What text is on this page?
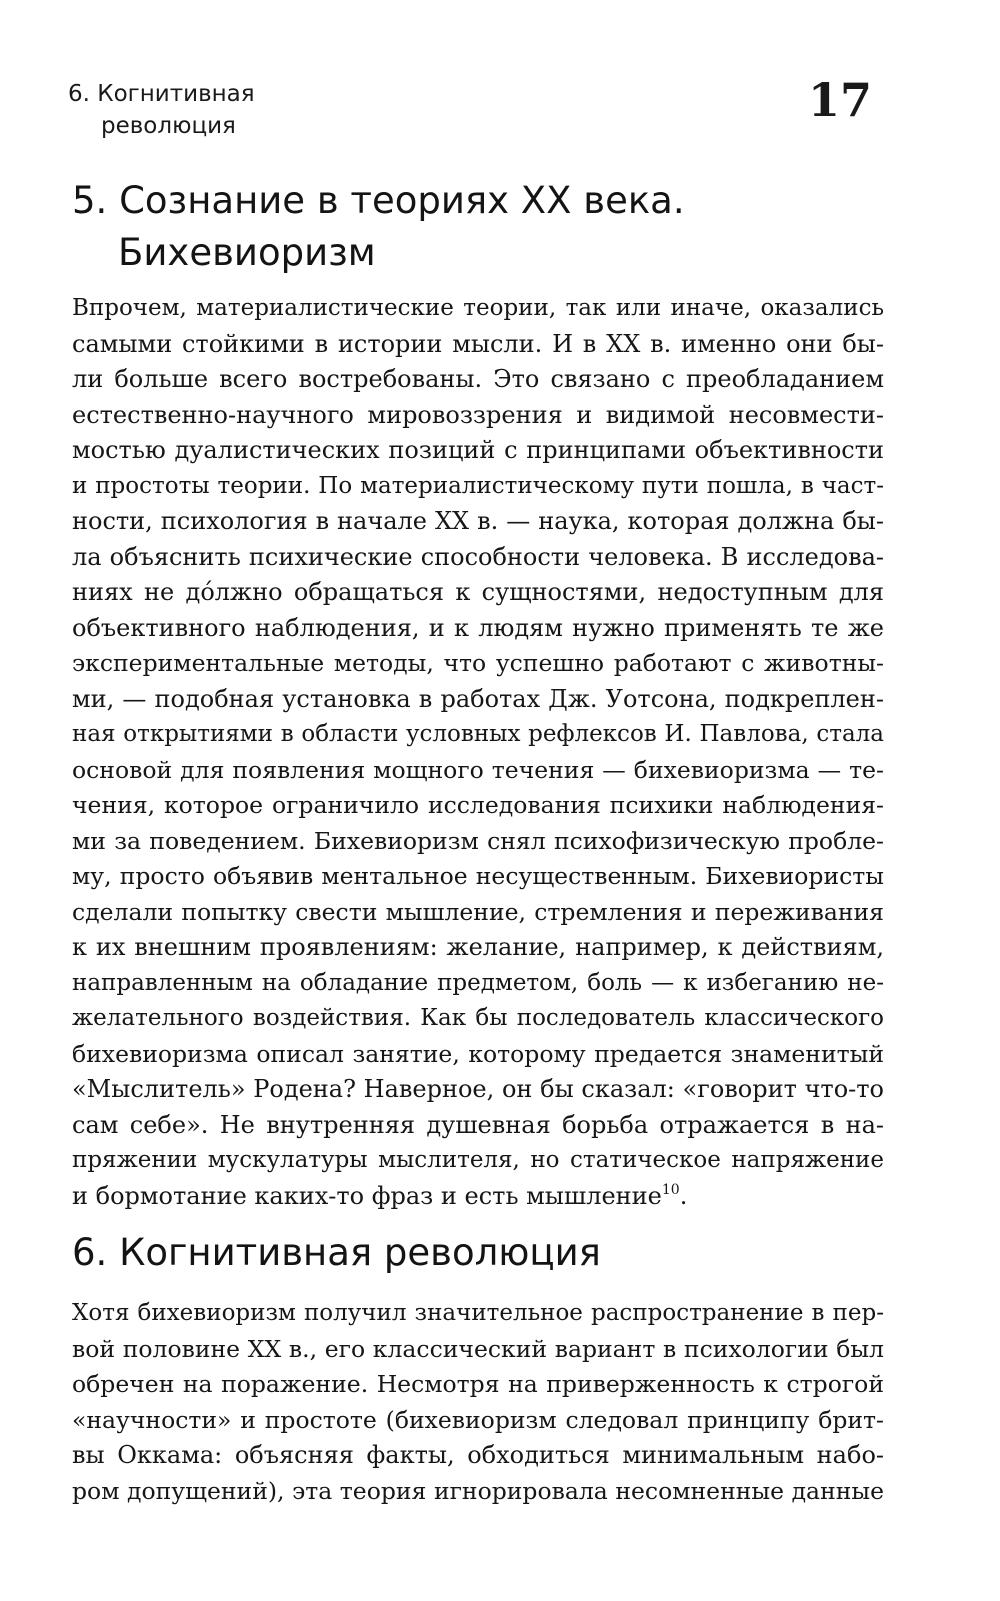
6. Когнитивная
революция	17
5. Сознание в теориях XX века.
Бихевиоризм
Впрочем, материалистические теории, так или иначе, оказались
самыми стойкими в истории мысли. И в XX в. именно они бы-
ли больше всего востребованы. Это связано с преобладанием
естественно-научного мировоззрения и видимой несовмести-
мостью дуалистических позиций с принципами объективности
и простоты теории. По материалистическому пути пошла, в част-
ности, психология в начале XX в. — наука, которая должна бы-
ла объяснить психические способности человека. В исследова-
ниях не до́лжно обращаться к сущностями, недоступным для
объективного наблюдения, и к людям нужно применять те же
экспериментальные методы, что успешно работают с животны-
ми, — подобная установка в работах Дж. Уотсона, подкреплен-
ная открытиями в области условных рефлексов И. Павлова, стала
основой для появления мощного течения — бихевиоризма — те-
чения, которое ограничило исследования психики наблюдения-
ми за поведением. Бихевиоризм снял психофизическую пробле-
му, просто объявив ментальное несущественным. Бихевиористы
сделали попытку свести мышление, стремления и переживания
к их внешним проявлениям: желание, например, к действиям,
направленным на обладание предметом, боль — к избеганию не-
желательного воздействия. Как бы последователь классического
бихевиоризма описал занятие, которому предается знаменитый
«Мыслитель» Родена? Наверное, он бы сказал: «говорит что-то
сам себе». Не внутренняя душевная борьба отражается в на-
пряжении мускулатуры мыслителя, но статическое напряжение
и бормотание каких-то фраз и есть мышление$^{10}$.
6. Когнитивная революция
Хотя бихевиоризм получил значительное распространение в пер-
вой половине XX в., его классический вариант в психологии был
обречен на поражение. Несмотря на приверженность к строгой
«научности» и простоте (бихевиоризм следовал принципу брит-
вы Оккама: объясняя факты, обходиться минимальным набо-
ром допущений), эта теория игнорировала несомненные данные
